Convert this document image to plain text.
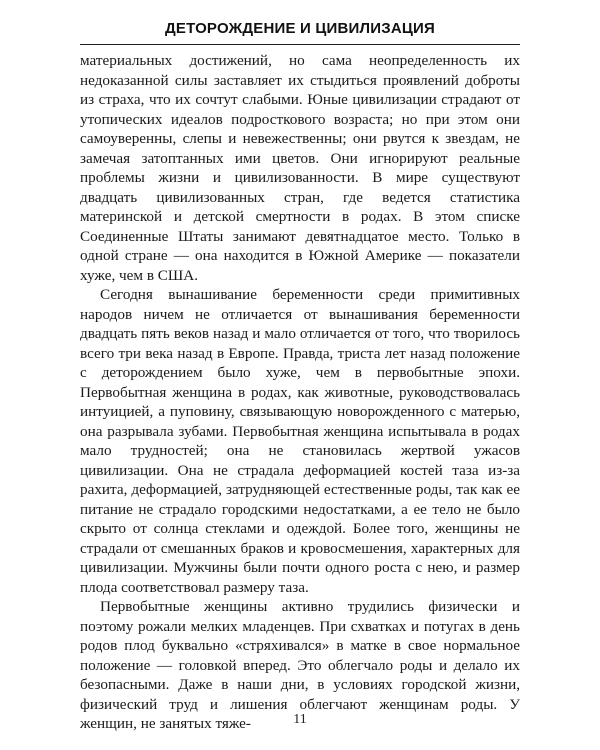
ДЕТОРОЖДЕНИЕ И ЦИВИЛИЗАЦИЯ

материальных достижений, но сама неопределенность их недоказанной силы заставляет их стыдиться проявлений доброты из страха, что их сочтут слабыми. Юные цивилизации страдают от утопических идеалов подросткового возраста; но при этом они самоуверенны, слепы и невежественны; они рвутся к звездам, не замечая затоптанных ими цветов. Они игнорируют реальные проблемы жизни и цивилизованности. В мире существуют двадцать цивилизованных стран, где ведется статистика материнской и детской смертности в родах. В этом списке Соединенные Штаты занимают девятнадцатое место. Только в одной стране — она находится в Южной Америке — показатели хуже, чем в США.

Сегодня вынашивание беременности среди примитивных народов ничем не отличается от вынашивания беременности двадцать пять веков назад и мало отличается от того, что творилось всего три века назад в Европе. Правда, триста лет назад положение с деторождением было хуже, чем в первобытные эпохи. Первобытная женщина в родах, как животные, руководствовалась интуицией, а пуповину, связывающую новорожденного с матерью, она разрывала зубами. Первобытная женщина испытывала в родах мало трудностей; она не становилась жертвой ужасов цивилизации. Она не страдала деформацией костей таза из-за рахита, деформацией, затрудняющей естественные роды, так как ее питание не страдало городскими недостатками, а ее тело не было скрыто от солнца стеклами и одеждой. Более того, женщины не страдали от смешанных браков и кровосмешения, характерных для цивилизации. Мужчины были почти одного роста с нею, и размер плода соответствовал размеру таза.

Первобытные женщины активно трудились физически и поэтому рожали мелких младенцев. При схватках и потугах в день родов плод буквально «стряхивался» в матке в свое нормальное положение — головкой вперед. Это облегчало роды и делало их безопасными. Даже в наши дни, в условиях городской жизни, физический труд и лишения облегчают женщинам роды. У женщин, не занятых тяже-	11
